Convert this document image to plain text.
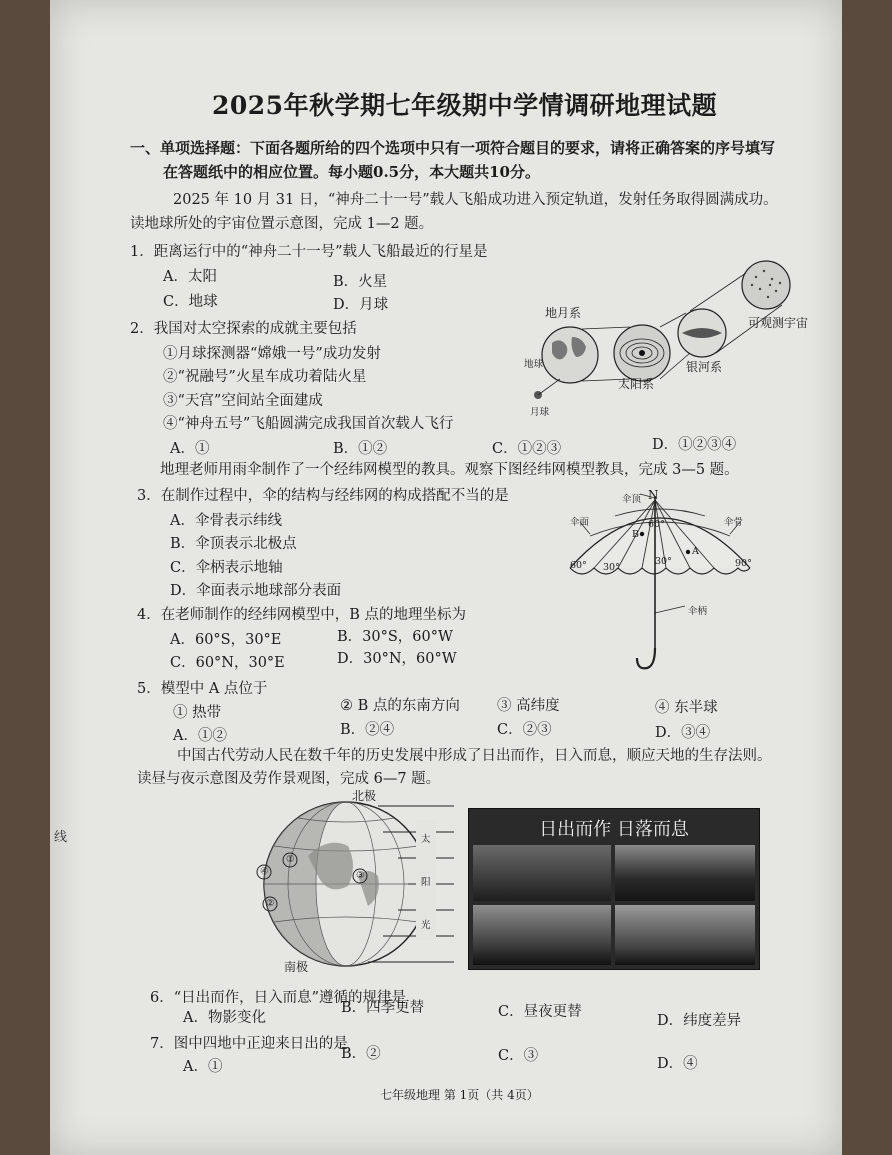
2025年秋学期七年级期中学情调研地理试题
一、单项选择题：下面各题所给的四个选项中只有一项符合题目的要求，请将正确答案的序号填写
在答题纸中的相应位置。每小题0.5分，本大题共10分。
2025 年 10 月 31 日，“神舟二十一号”载人飞船成功进入预定轨道，发射任务取得圆满成功。
读地球所处的宇宙位置示意图，完成 1—2 题。
1．距离运行中的“神舟二十一号”载人飞船最近的行星是
A．太阳	B．火星
C．地球	D．月球
2．我国对太空探索的成就主要包括
①月球探测器“嫦娥一号”成功发射
②“祝融号”火星车成功着陆火星
③“天宫”空间站全面建成
④“神舟五号”飞船圆满完成我国首次载人飞行
A．①	B．①②	C．①②③	D．①②③④
地月系
地球
月球
太阳系
银河系
可观测宇宙
地理老师用雨伞制作了一个经纬网模型的教具。观察下图经纬网模型教具，完成 3—5 题。
3．在制作过程中，伞的结构与经纬网的构成搭配不当的是
A．伞骨表示纬线
B．伞顶表示北极点
C．伞柄表示地轴
D．伞面表示地球部分表面
伞顶 N
伞面	伞骨
60°
30°
60°	90°
30°
B
A
伞柄
4．在老师制作的经纬网模型中，B 点的地理坐标为
A．60°S，30°E	B．30°S，60°W
C．60°N，30°E	D．30°N，60°W
5．模型中 A 点位于
① 热带	② B 点的东南方向	③ 高纬度	④ 东半球
A．①②	B．②④	C．②③	D．③④
中国古代劳动人民在数千年的历史发展中形成了日出而作，日入而息，顺应天地的生存法则。
读昼与夜示意图及劳作景观图，完成 6—7 题。
北极
南极
太
阳
光
①
④	③
②
日出而作 日落而息
6．“日出而作，日入而息”遵循的规律是
A．物影变化
B．四季更替	C．昼夜更替
D．纬度差异
7．图中四地中正迎来日出的是
A．①
B．②	C．③	D．④
七年级地理 第 1页（共 4页）
线
